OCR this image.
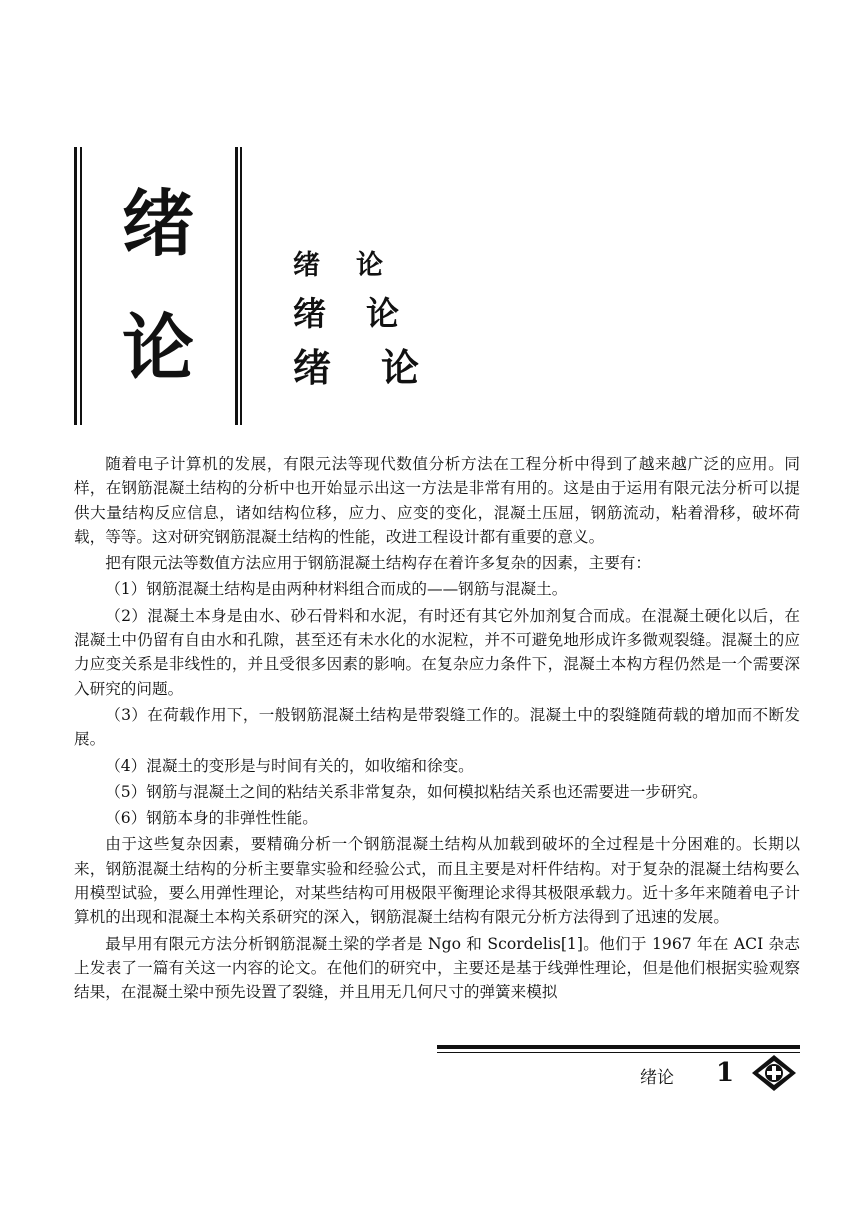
绪
论
绪 论
绪 论
绪 论

随着电子计算机的发展，有限元法等现代数值分析方法在工程分析中得到了越来越广泛的应用。同样，在钢筋混凝土结构的分析中也开始显示出这一方法是非常有用的。这是由于运用有限元法分析可以提供大量结构反应信息，诸如结构位移，应力、应变的变化，混凝土压屈，钢筋流动，粘着滑移，破坏荷载，等等。这对研究钢筋混凝土结构的性能，改进工程设计都有重要的意义。

把有限元法等数值方法应用于钢筋混凝土结构存在着许多复杂的因素，主要有：

（1）钢筋混凝土结构是由两种材料组合而成的——钢筋与混凝土。

（2）混凝土本身是由水、砂石骨料和水泥，有时还有其它外加剂复合而成。在混凝土硬化以后，在混凝土中仍留有自由水和孔隙，甚至还有未水化的水泥粒，并不可避免地形成许多微观裂缝。混凝土的应力应变关系是非线性的，并且受很多因素的影响。在复杂应力条件下，混凝土本构方程仍然是一个需要深入研究的问题。

（3）在荷载作用下，一般钢筋混凝土结构是带裂缝工作的。混凝土中的裂缝随荷载的增加而不断发展。

（4）混凝土的变形是与时间有关的，如收缩和徐变。

（5）钢筋与混凝土之间的粘结关系非常复杂，如何模拟粘结关系也还需要进一步研究。

（6）钢筋本身的非弹性性能。

由于这些复杂因素，要精确分析一个钢筋混凝土结构从加载到破坏的全过程是十分困难的。长期以来，钢筋混凝土结构的分析主要靠实验和经验公式，而且主要是对杆件结构。对于复杂的混凝土结构要么用模型试验，要么用弹性理论，对某些结构可用极限平衡理论求得其极限承载力。近十多年来随着电子计算机的出现和混凝土本构关系研究的深入，钢筋混凝土结构有限元分析方法得到了迅速的发展。

最早用有限元方法分析钢筋混凝土梁的学者是 Ngo 和 Scordelis[1]。他们于 1967 年在 ACI 杂志上发表了一篇有关这一内容的论文。在他们的研究中，主要还是基于线弹性理论，但是他们根据实验观察结果，在混凝土梁中预先设置了裂缝，并且用无几何尺寸的弹簧来模拟

绪论 1
